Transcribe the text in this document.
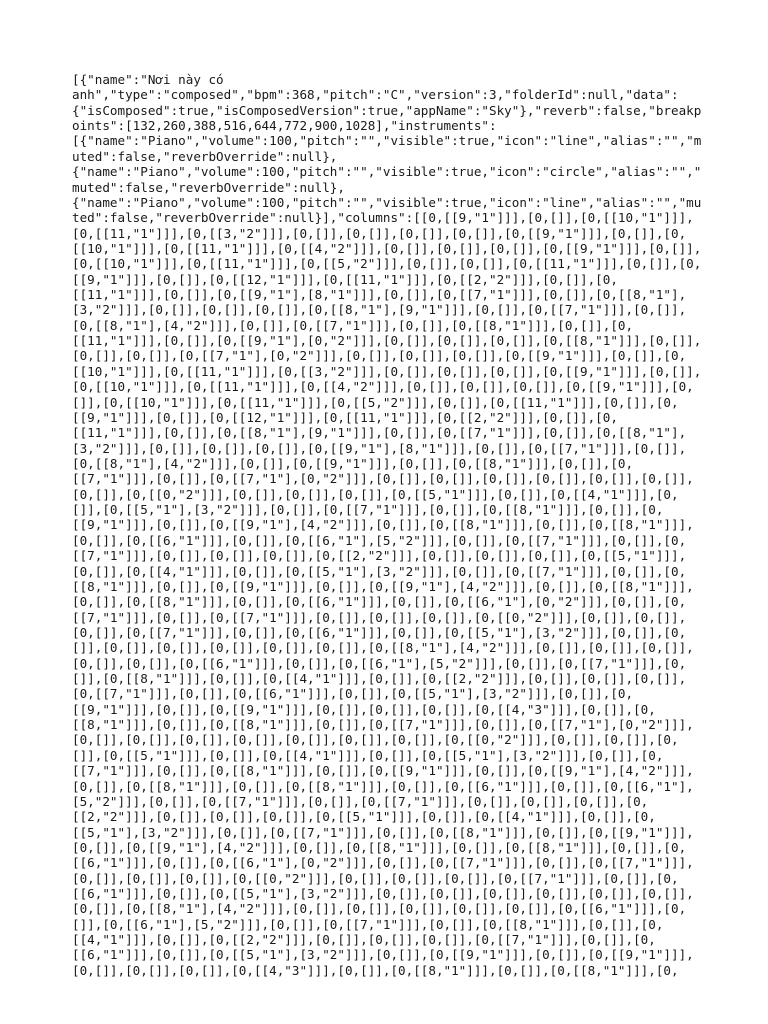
[{"name":"Nơi này có
anh","type":"composed","bpm":368,"pitch":"C","version":3,"folderId":null,"data":
{"isComposed":true,"isComposedVersion":true,"appName":"Sky"},"reverb":false,"breakp
oints":[132,260,388,516,644,772,900,1028],"instruments":
[{"name":"Piano","volume":100,"pitch":"","visible":true,"icon":"line","alias":"","m
uted":false,"reverbOverride":null},
{"name":"Piano","volume":100,"pitch":"","visible":true,"icon":"circle","alias":"","
muted":false,"reverbOverride":null},
{"name":"Piano","volume":100,"pitch":"","visible":true,"icon":"line","alias":"","mu
ted":false,"reverbOverride":null}],"columns":[[0,[[9,"1"]]],[0,[]],[0,[[10,"1"]]],
[0,[[11,"1"]]],[0,[[3,"2"]]],[0,[]],[0,[]],[0,[]],[0,[]],[0,[[9,"1"]]],[0,[]],[0,
[[10,"1"]]],[0,[[11,"1"]]],[0,[[4,"2"]]],[0,[]],[0,[]],[0,[]],[0,[[9,"1"]]],[0,[]],
[0,[[10,"1"]]],[0,[[11,"1"]]],[0,[[5,"2"]]],[0,[]],[0,[]],[0,[[11,"1"]]],[0,[]],[0,
[[9,"1"]]],[0,[]],[0,[[12,"1"]]],[0,[[11,"1"]]],[0,[[2,"2"]]],[0,[]],[0,
[[11,"1"]]],[0,[]],[0,[[9,"1"],[8,"1"]]],[0,[]],[0,[[7,"1"]]],[0,[]],[0,[[8,"1"],
[3,"2"]]],[0,[]],[0,[]],[0,[]],[0,[[8,"1"],[9,"1"]]],[0,[]],[0,[[7,"1"]]],[0,[]],
[0,[[8,"1"],[4,"2"]]],[0,[]],[0,[[7,"1"]]],[0,[]],[0,[[8,"1"]]],[0,[]],[0,
[[11,"1"]]],[0,[]],[0,[[9,"1"],[0,"2"]]],[0,[]],[0,[]],[0,[]],[0,[[8,"1"]]],[0,[]],
[0,[]],[0,[]],[0,[[7,"1"],[0,"2"]]],[0,[]],[0,[]],[0,[]],[0,[[9,"1"]]],[0,[]],[0,
[[10,"1"]]],[0,[[11,"1"]]],[0,[[3,"2"]]],[0,[]],[0,[]],[0,[]],[0,[[9,"1"]]],[0,[]],
[0,[[10,"1"]]],[0,[[11,"1"]]],[0,[[4,"2"]]],[0,[]],[0,[]],[0,[]],[0,[[9,"1"]]],[0,
[]],[0,[[10,"1"]]],[0,[[11,"1"]]],[0,[[5,"2"]]],[0,[]],[0,[[11,"1"]]],[0,[]],[0,
[[9,"1"]]],[0,[]],[0,[[12,"1"]]],[0,[[11,"1"]]],[0,[[2,"2"]]],[0,[]],[0,
[[11,"1"]]],[0,[]],[0,[[8,"1"],[9,"1"]]],[0,[]],[0,[[7,"1"]]],[0,[]],[0,[[8,"1"],
[3,"2"]]],[0,[]],[0,[]],[0,[]],[0,[[9,"1"],[8,"1"]]],[0,[]],[0,[[7,"1"]]],[0,[]],
[0,[[8,"1"],[4,"2"]]],[0,[]],[0,[[9,"1"]]],[0,[]],[0,[[8,"1"]]],[0,[]],[0,
[[7,"1"]]],[0,[]],[0,[[7,"1"],[0,"2"]]],[0,[]],[0,[]],[0,[]],[0,[]],[0,[]],[0,[]],
[0,[]],[0,[[0,"2"]]],[0,[]],[0,[]],[0,[]],[0,[[5,"1"]]],[0,[]],[0,[[4,"1"]]],[0,
[]],[0,[[5,"1"],[3,"2"]]],[0,[]],[0,[[7,"1"]]],[0,[]],[0,[[8,"1"]]],[0,[]],[0,
[[9,"1"]]],[0,[]],[0,[[9,"1"],[4,"2"]]],[0,[]],[0,[[8,"1"]]],[0,[]],[0,[[8,"1"]]],
[0,[]],[0,[[6,"1"]]],[0,[]],[0,[[6,"1"],[5,"2"]]],[0,[]],[0,[[7,"1"]]],[0,[]],[0,
[[7,"1"]]],[0,[]],[0,[]],[0,[]],[0,[[2,"2"]]],[0,[]],[0,[]],[0,[]],[0,[[5,"1"]]],
[0,[]],[0,[[4,"1"]]],[0,[]],[0,[[5,"1"],[3,"2"]]],[0,[]],[0,[[7,"1"]]],[0,[]],[0,
[[8,"1"]]],[0,[]],[0,[[9,"1"]]],[0,[]],[0,[[9,"1"],[4,"2"]]],[0,[]],[0,[[8,"1"]]],
[0,[]],[0,[[8,"1"]]],[0,[]],[0,[[6,"1"]]],[0,[]],[0,[[6,"1"],[0,"2"]]],[0,[]],[0,
[[7,"1"]]],[0,[]],[0,[[7,"1"]]],[0,[]],[0,[]],[0,[]],[0,[[0,"2"]]],[0,[]],[0,[]],
[0,[]],[0,[[7,"1"]]],[0,[]],[0,[[6,"1"]]],[0,[]],[0,[[5,"1"],[3,"2"]]],[0,[]],[0,
[]],[0,[]],[0,[]],[0,[]],[0,[]],[0,[]],[0,[[8,"1"],[4,"2"]]],[0,[]],[0,[]],[0,[]],
[0,[]],[0,[]],[0,[[6,"1"]]],[0,[]],[0,[[6,"1"],[5,"2"]]],[0,[]],[0,[[7,"1"]]],[0,
[]],[0,[[8,"1"]]],[0,[]],[0,[[4,"1"]]],[0,[]],[0,[[2,"2"]]],[0,[]],[0,[]],[0,[]],
[0,[[7,"1"]]],[0,[]],[0,[[6,"1"]]],[0,[]],[0,[[5,"1"],[3,"2"]]],[0,[]],[0,
[[9,"1"]]],[0,[]],[0,[[9,"1"]]],[0,[]],[0,[]],[0,[]],[0,[[4,"3"]]],[0,[]],[0,
[[8,"1"]]],[0,[]],[0,[[8,"1"]]],[0,[]],[0,[[7,"1"]]],[0,[]],[0,[[7,"1"],[0,"2"]]],
[0,[]],[0,[]],[0,[]],[0,[]],[0,[]],[0,[]],[0,[]],[0,[[0,"2"]]],[0,[]],[0,[]],[0,
[]],[0,[[5,"1"]]],[0,[]],[0,[[4,"1"]]],[0,[]],[0,[[5,"1"],[3,"2"]]],[0,[]],[0,
[[7,"1"]]],[0,[]],[0,[[8,"1"]]],[0,[]],[0,[[9,"1"]]],[0,[]],[0,[[9,"1"],[4,"2"]]],
[0,[]],[0,[[8,"1"]]],[0,[]],[0,[[8,"1"]]],[0,[]],[0,[[6,"1"]]],[0,[]],[0,[[6,"1"],
[5,"2"]]],[0,[]],[0,[[7,"1"]]],[0,[]],[0,[[7,"1"]]],[0,[]],[0,[]],[0,[]],[0,
[[2,"2"]]],[0,[]],[0,[]],[0,[]],[0,[[5,"1"]]],[0,[]],[0,[[4,"1"]]],[0,[]],[0,
[[5,"1"],[3,"2"]]],[0,[]],[0,[[7,"1"]]],[0,[]],[0,[[8,"1"]]],[0,[]],[0,[[9,"1"]]],
[0,[]],[0,[[9,"1"],[4,"2"]]],[0,[]],[0,[[8,"1"]]],[0,[]],[0,[[8,"1"]]],[0,[]],[0,
[[6,"1"]]],[0,[]],[0,[[6,"1"],[0,"2"]]],[0,[]],[0,[[7,"1"]]],[0,[]],[0,[[7,"1"]]],
[0,[]],[0,[]],[0,[]],[0,[[0,"2"]]],[0,[]],[0,[]],[0,[]],[0,[[7,"1"]]],[0,[]],[0,
[[6,"1"]]],[0,[]],[0,[[5,"1"],[3,"2"]]],[0,[]],[0,[]],[0,[]],[0,[]],[0,[]],[0,[]],
[0,[]],[0,[[8,"1"],[4,"2"]]],[0,[]],[0,[]],[0,[]],[0,[]],[0,[]],[0,[[6,"1"]]],[0,
[]],[0,[[6,"1"],[5,"2"]]],[0,[]],[0,[[7,"1"]]],[0,[]],[0,[[8,"1"]]],[0,[]],[0,
[[4,"1"]]],[0,[]],[0,[[2,"2"]]],[0,[]],[0,[]],[0,[]],[0,[[7,"1"]]],[0,[]],[0,
[[6,"1"]]],[0,[]],[0,[[5,"1"],[3,"2"]]],[0,[]],[0,[[9,"1"]]],[0,[]],[0,[[9,"1"]]],
[0,[]],[0,[]],[0,[]],[0,[[4,"3"]]],[0,[]],[0,[[8,"1"]]],[0,[]],[0,[[8,"1"]]],[0,
